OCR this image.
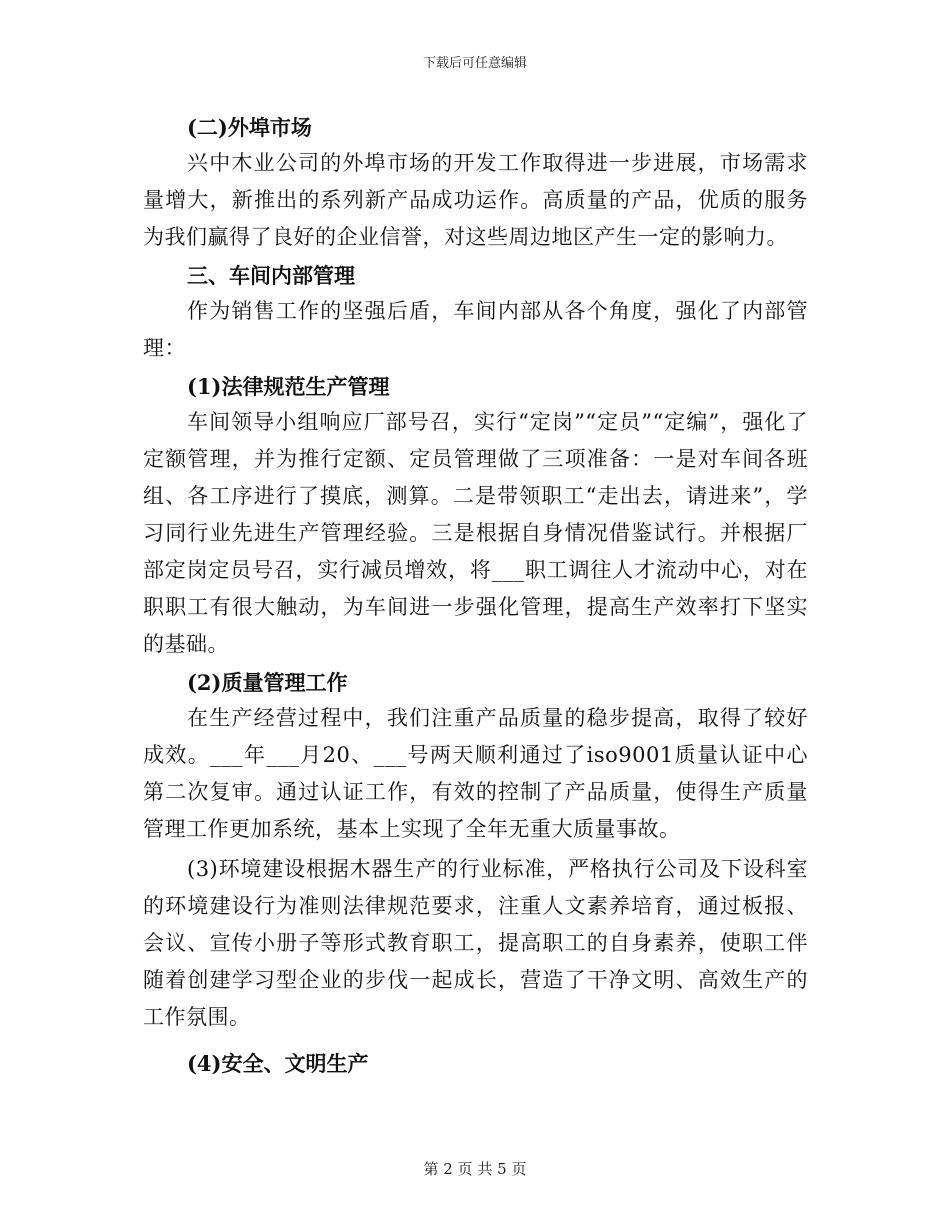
下载后可任意编辑

(二)外埠市场

兴中木业公司的外埠市场的开发工作取得进一步进展，市场需求量增大，新推出的系列新产品成功运作。高质量的产品，优质的服务为我们赢得了良好的企业信誉，对这些周边地区产生一定的影响力。

三、车间内部管理

作为销售工作的坚强后盾，车间内部从各个角度，强化了内部管理：

(1)法律规范生产管理

车间领导小组响应厂部号召，实行“定岗”“定员”“定编”，强化了定额管理，并为推行定额、定员管理做了三项准备：一是对车间各班组、各工序进行了摸底，测算。二是带领职工“走出去，请进来”，学习同行业先进生产管理经验。三是根据自身情况借鉴试行。并根据厂部定岗定员号召，实行减员增效，将___职工调往人才流动中心，对在职职工有很大触动，为车间进一步强化管理，提高生产效率打下坚实的基础。

(2)质量管理工作

在生产经营过程中，我们注重产品质量的稳步提高，取得了较好成效。___年___月20、___号两天顺利通过了iso9001质量认证中心第二次复审。通过认证工作，有效的控制了产品质量，使得生产质量管理工作更加系统，基本上实现了全年无重大质量事故。

(3)环境建设根据木器生产的行业标准，严格执行公司及下设科室的环境建设行为准则法律规范要求，注重人文素养培育，通过板报、会议、宣传小册子等形式教育职工，提高职工的自身素养，使职工伴随着创建学习型企业的步伐一起成长，营造了干净文明、高效生产的工作氛围。

(4)安全、文明生产

第 2 页 共 5 页
